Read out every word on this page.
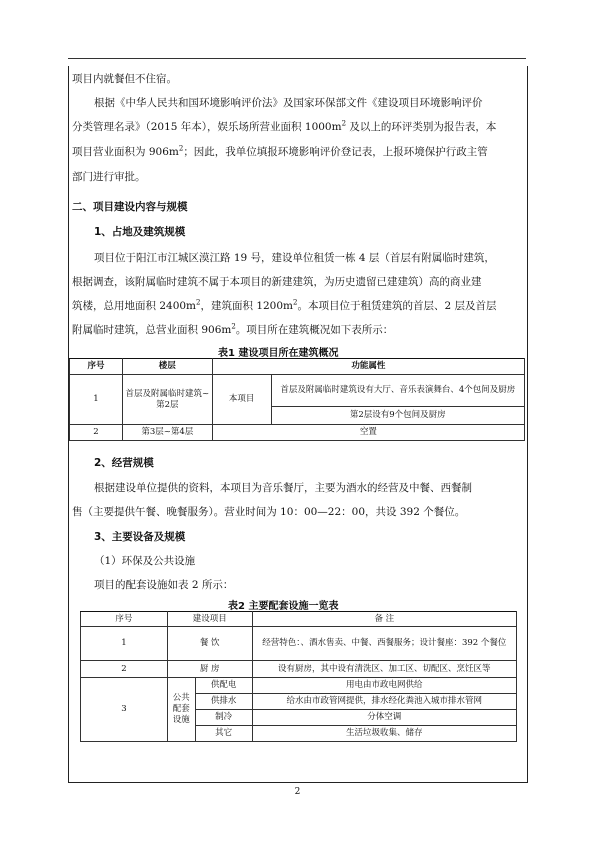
项目内就餐但不住宿。
根据《中华人民共和国环境影响评价法》及国家环保部文件《建设项目环境影响评价
分类管理名录》（2015 年本），娱乐场所营业面积 $1000m^2$ 及以上的环评类别为报告表，本
项目营业面积为 $906m^2$；因此，我单位填报环境影响评价登记表，上报环境保护行政主管
部门进行审批。
二、项目建设内容与规模
1、占地及建筑规模
项目位于阳江市江城区漠江路 19 号，建设单位租赁一栋 4 层（首层有附属临时建筑，
根据调查，该附属临时建筑不属于本项目的新建建筑，为历史遗留已建建筑）高的商业建
筑楼，总用地面积 $2400m^2$，建筑面积 $1200m^2$。本项目位于租赁建筑的首层、2 层及首层
附属临时建筑，总营业面积 $906m^2$。项目所在建筑概况如下表所示：
表1 建设项目所在建筑概况
序号	楼层	功能属性	
1	首层及附属临时建筑~第2层	本项目	首层及附属临时建筑设有大厅、音乐表演舞台、4个包间及厨房
			第2层设有9个包间及厨房
2	第3层~第4层	空置	
2、经营规模
根据建设单位提供的资料，本项目为音乐餐厅，主要为酒水的经营及中餐、西餐制
售（主要提供午餐、晚餐服务）。营业时间为 10：00—22：00，共设 392 个餐位。
3、主要设备及规模
（1）环保及公共设施
项目的配套设施如表 2 所示：
表2 主要配套设施一览表
序号	建设项目		备 注
1	餐 饮		经营特色：、酒水售卖、中餐、西餐服务；设计餐座：392 个餐位
2	厨 房		设有厨房，其中设有清洗区、加工区、切配区、烹饪区等
3	公共配套设施	供配电	用电由市政电网供给
		供排水	给水由市政管网提供，排水经化粪池入城市排水管网
		制冷	分体空调
		其它	生活垃圾收集、储存
2
